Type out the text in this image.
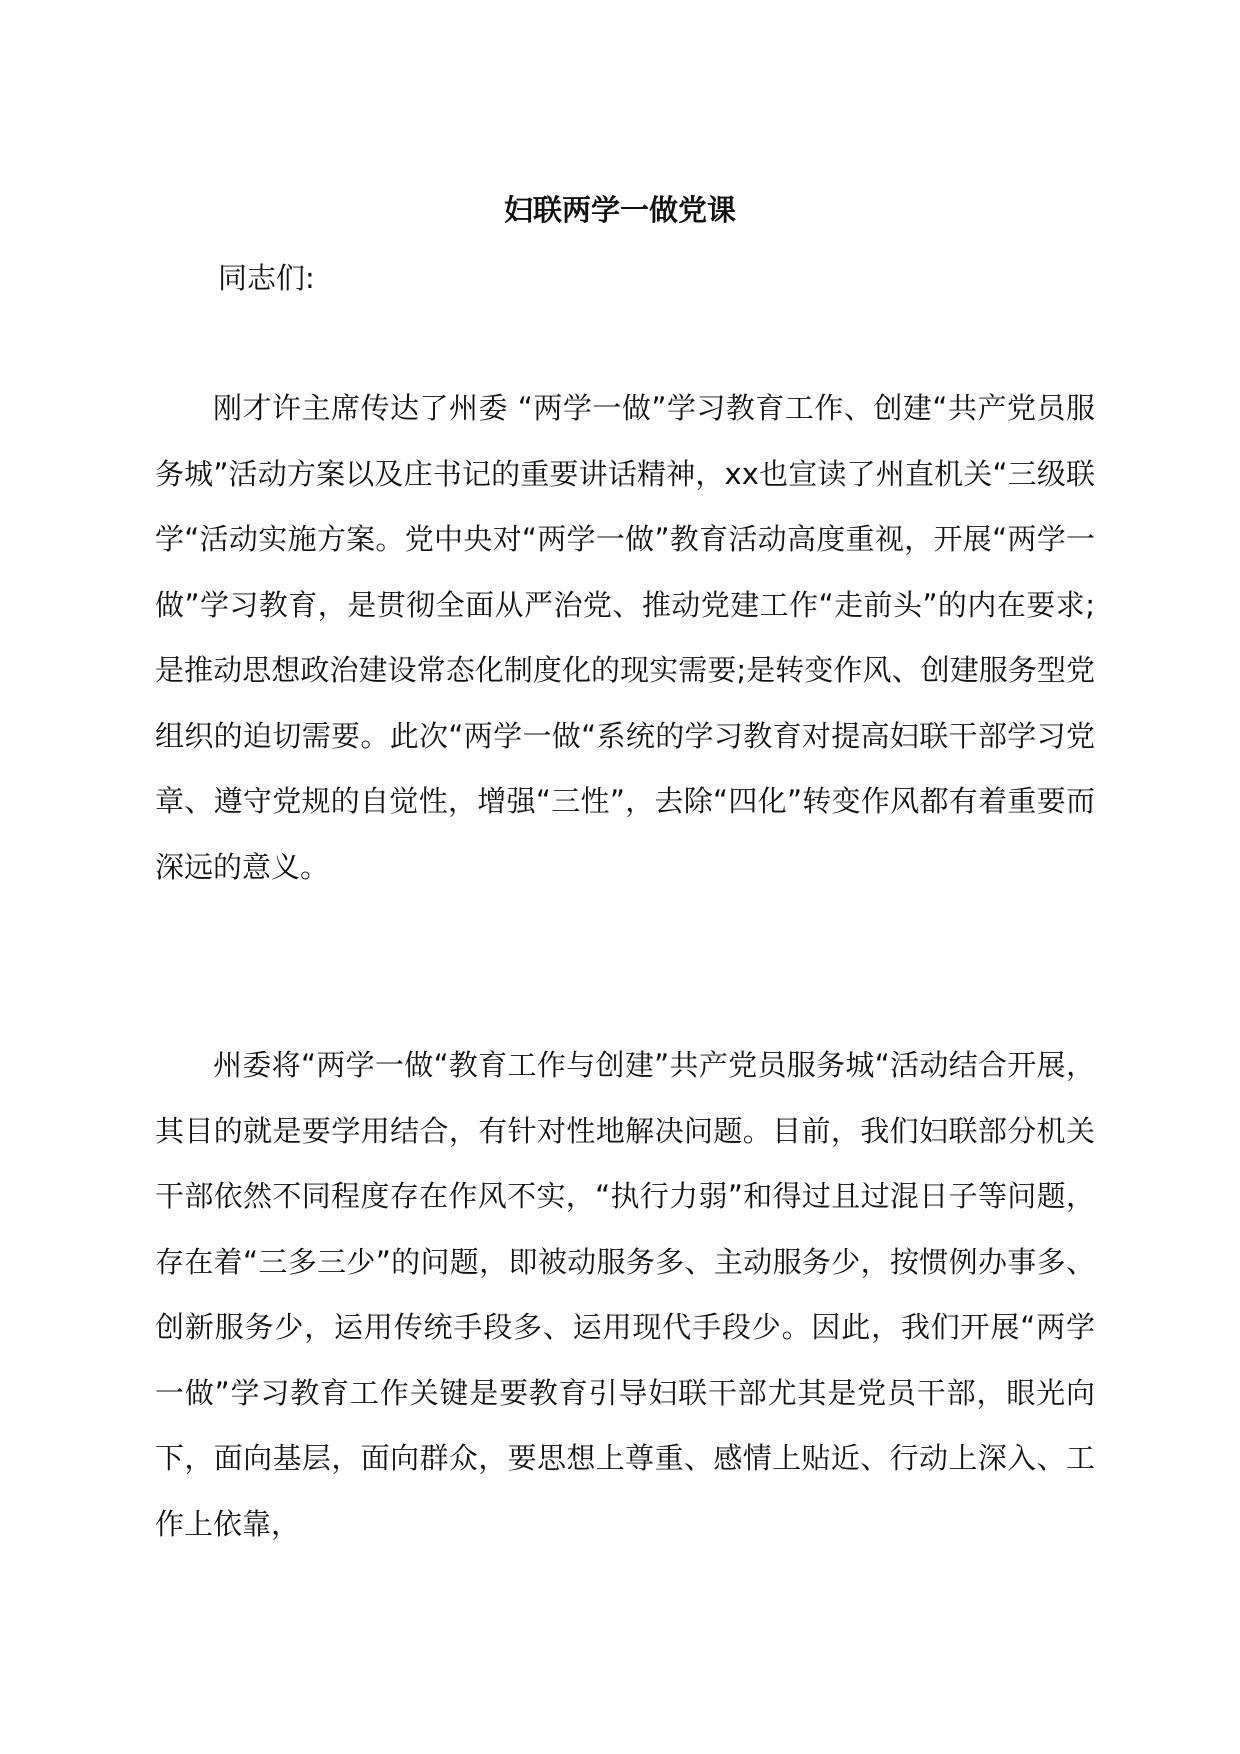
妇联两学一做党课
同志们:

刚才许主席传达了州委 “两学一做”学习教育工作、创建“共产党员服务城”活动方案以及庄书记的重要讲话精神，xx也宣读了州直机关“三级联学“活动实施方案。党中央对“两学一做”教育活动高度重视，开展“两学一做”学习教育，是贯彻全面从严治党、推动党建工作“走前头”的内在要求;是推动思想政治建设常态化制度化的现实需要;是转变作风、创建服务型党组织的迫切需要。此次“两学一做“系统的学习教育对提高妇联干部学习党章、遵守党规的自觉性，增强“三性”，去除“四化”转变作风都有着重要而深远的意义。

州委将“两学一做“教育工作与创建”共产党员服务城“活动结合开展，其目的就是要学用结合，有针对性地解决问题。目前，我们妇联部分机关干部依然不同程度存在作风不实，“执行力弱”和得过且过混日子等问题，存在着“三多三少”的问题，即被动服务多、主动服务少，按惯例办事多、创新服务少，运用传统手段多、运用现代手段少。因此，我们开展“两学一做”学习教育工作关键是要教育引导妇联干部尤其是党员干部，眼光向下，面向基层，面向群众，要思想上尊重、感情上贴近、行动上深入、工作上依靠，
